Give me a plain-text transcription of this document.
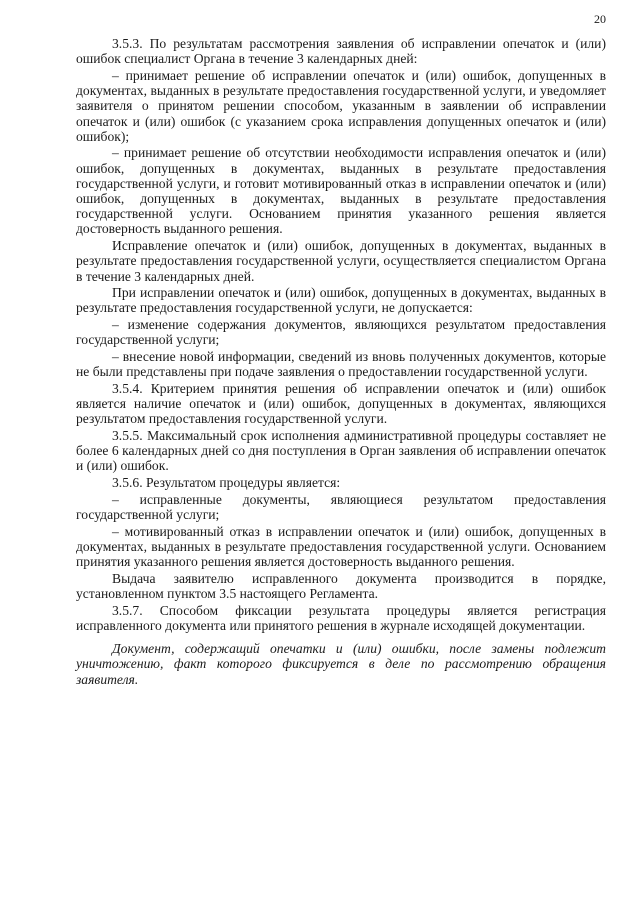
20

3.5.3. По результатам рассмотрения заявления об исправлении опечаток и (или) ошибок специалист Органа в течение 3 календарных дней:

– принимает решение об исправлении опечаток и (или) ошибок, допущенных в документах, выданных в результате предоставления государственной услуги, и уведомляет заявителя о принятом решении способом, указанным в заявлении об исправлении опечаток и (или) ошибок (с указанием срока исправления допущенных опечаток и (или) ошибок);

– принимает решение об отсутствии необходимости исправления опечаток и (или) ошибок, допущенных в документах, выданных в результате предоставления государственной услуги, и готовит мотивированный отказ в исправлении опечаток и (или) ошибок, допущенных в документах, выданных в результате предоставления государственной услуги. Основанием принятия указанного решения является достоверность выданного решения.

Исправление опечаток и (или) ошибок, допущенных в документах, выданных в результате предоставления государственной услуги, осуществляется специалистом Органа в течение 3 календарных дней.

При исправлении опечаток и (или) ошибок, допущенных в документах, выданных в результате предоставления государственной услуги, не допускается:

– изменение содержания документов, являющихся результатом предоставления государственной услуги;

– внесение новой информации, сведений из вновь полученных документов, которые не были представлены при подаче заявления о предоставлении государственной услуги.

3.5.4. Критерием принятия решения об исправлении опечаток и (или) ошибок является наличие опечаток и (или) ошибок, допущенных в документах, являющихся результатом предоставления государственной услуги.

3.5.5. Максимальный срок исполнения административной процедуры составляет не более 6 календарных дней со дня поступления в Орган заявления об исправлении опечаток и (или) ошибок.

3.5.6. Результатом процедуры является:

– исправленные документы, являющиеся результатом предоставления государственной услуги;

– мотивированный отказ в исправлении опечаток и (или) ошибок, допущенных в документах, выданных в результате предоставления государственной услуги. Основанием принятия указанного решения является достоверность выданного решения.

Выдача заявителю исправленного документа производится в порядке, установленном пунктом 3.5 настоящего Регламента.

3.5.7. Способом фиксации результата процедуры является регистрация исправленного документа или принятого решения в журнале исходящей документации.

Документ, содержащий опечатки и (или) ошибки, после замены подлежит уничтожению, факт которого фиксируется в деле по рассмотрению обращения заявителя.
